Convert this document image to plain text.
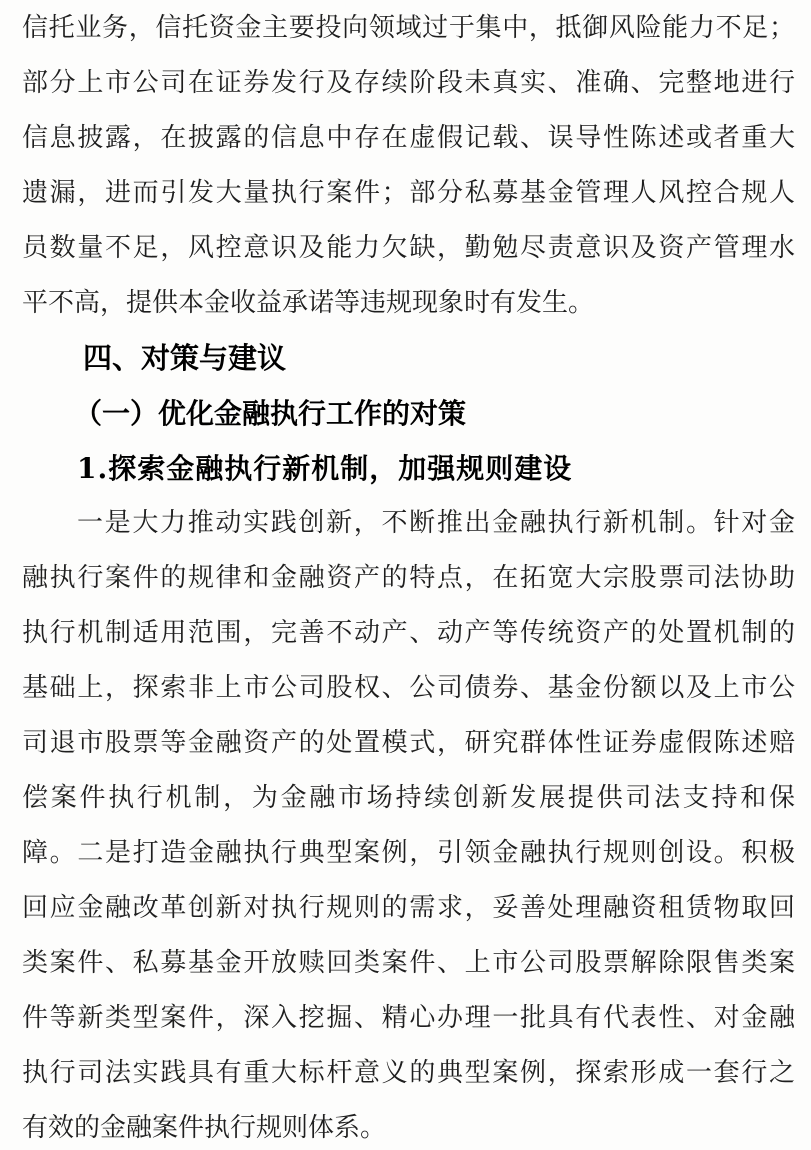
信托业务，信托资金主要投向领域过于集中，抵御风险能力不足；
部分上市公司在证券发行及存续阶段未真实、准确、完整地进行
信息披露，在披露的信息中存在虚假记载、误导性陈述或者重大
遗漏，进而引发大量执行案件；部分私募基金管理人风控合规人
员数量不足，风控意识及能力欠缺，勤勉尽责意识及资产管理水
平不高，提供本金收益承诺等违规现象时有发生。
四、对策与建议
（一）优化金融执行工作的对策
1.探索金融执行新机制，加强规则建设
一是大力推动实践创新，不断推出金融执行新机制。针对金
融执行案件的规律和金融资产的特点，在拓宽大宗股票司法协助
执行机制适用范围，完善不动产、动产等传统资产的处置机制的
基础上，探索非上市公司股权、公司债券、基金份额以及上市公
司退市股票等金融资产的处置模式，研究群体性证券虚假陈述赔
偿案件执行机制，为金融市场持续创新发展提供司法支持和保
障。二是打造金融执行典型案例，引领金融执行规则创设。积极
回应金融改革创新对执行规则的需求，妥善处理融资租赁物取回
类案件、私募基金开放赎回类案件、上市公司股票解除限售类案
件等新类型案件，深入挖掘、精心办理一批具有代表性、对金融
执行司法实践具有重大标杆意义的典型案例，探索形成一套行之
有效的金融案件执行规则体系。
